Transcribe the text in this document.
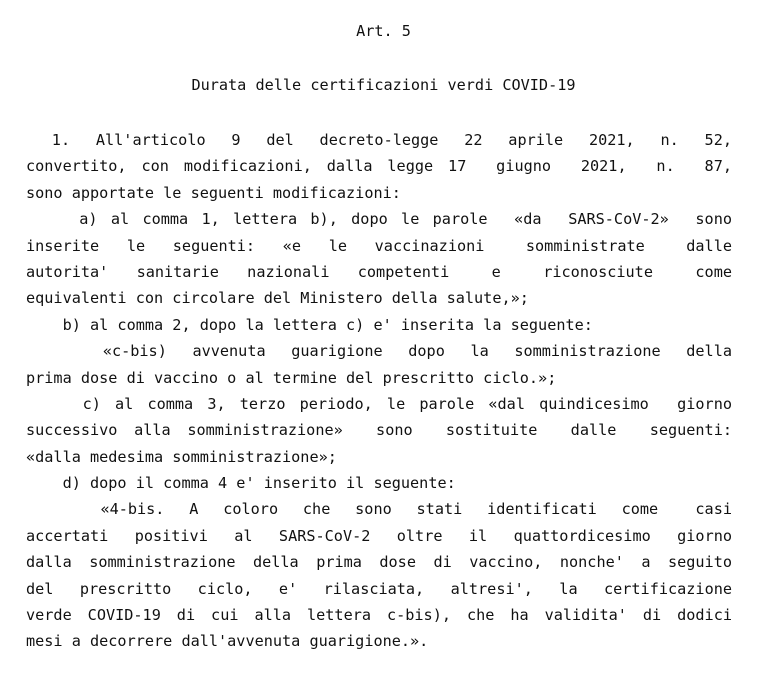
Art. 5
Durata delle certificazioni verdi COVID-19
1.  All'articolo  9  del  decreto-legge  22  aprile  2021,  n.  52,
convertito, con modificazioni, dalla legge 17  giugno  2021,  n.  87,
sono apportate le seguenti modificazioni:
a) al comma 1, lettera b), dopo le parole  «da  SARS-CoV-2»  sono
inserite  le  seguenti:  «e  le  vaccinazioni   somministrate   dalle
autorita'  sanitarie  nazionali  competenti   e   riconosciute   come
equivalenti con circolare del Ministero della salute,»;
b) al comma 2, dopo la lettera c) e' inserita la seguente:
«c-bis)  avvenuta  guarigione  dopo  la  somministrazione  della
prima dose di vaccino o al termine del prescritto ciclo.»;
c) al comma 3, terzo periodo, le parole «dal quindicesimo  giorno
successivo alla somministrazione»  sono  sostituite  dalle  seguenti:
«dalla medesima somministrazione»;
d) dopo il comma 4 e' inserito il seguente:
«4-bis.  A  coloro  che  sono  stati  identificati  come   casi
accertati  positivi  al  SARS-CoV-2  oltre  il  quattordicesimo  giorno
dalla somministrazione della prima dose di vaccino, nonche' a seguito
del  prescritto  ciclo,  e'  rilasciata,  altresi',  la  certificazione
verde COVID-19 di cui alla lettera c-bis), che ha validita' di dodici
mesi a decorrere dall'avvenuta guarigione.».
